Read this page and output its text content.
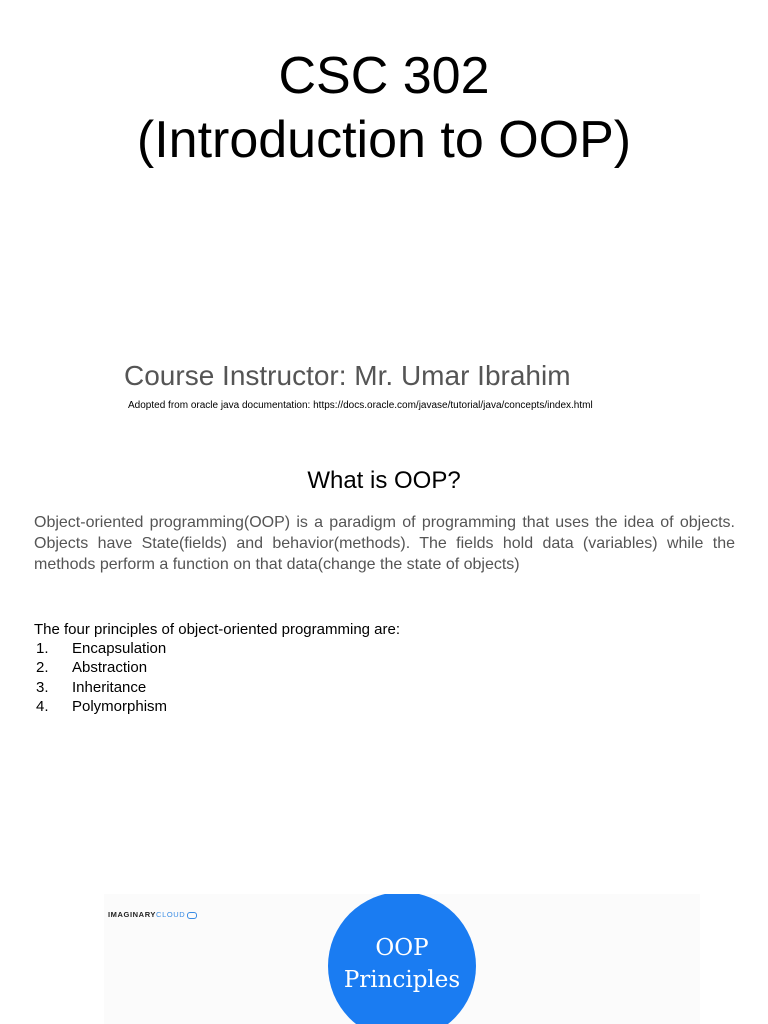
CSC 302
(Introduction to OOP)
Course Instructor: Mr. Umar Ibrahim
Adopted from oracle java documentation: https://docs.oracle.com/javase/tutorial/java/concepts/index.html
What is OOP?

Object-oriented programming(OOP) is a paradigm of programming that uses the idea of objects. Objects have State(fields) and behavior(methods). The fields hold data (variables) while the methods perform a function on that data(change the state of objects)

The four principles of object-oriented programming are:

1.	Encapsulation
2.	Abstraction
3.	Inheritance
4.	Polymorphism
IMAGINARY CLOUD
OOP
Principles
